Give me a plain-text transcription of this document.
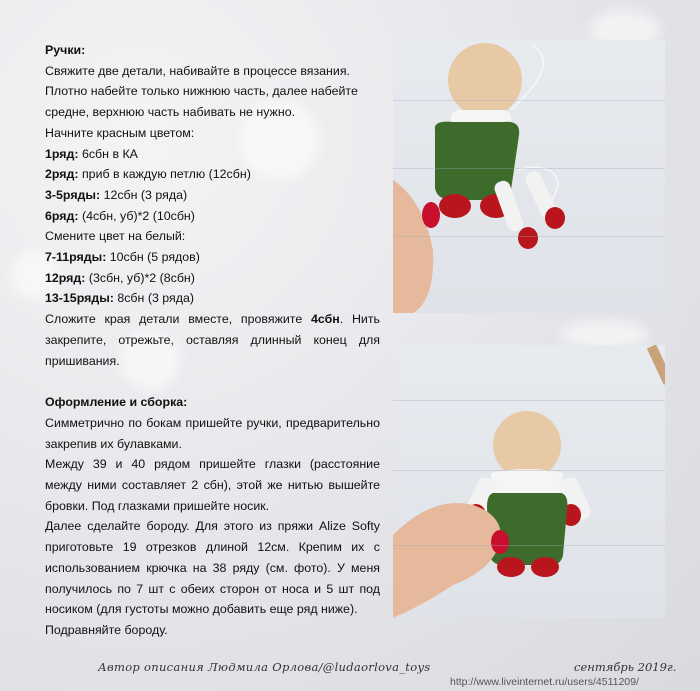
Ручки:

Свяжите две детали, набивайте в процессе вязания. Плотно набейте только нижнюю часть, далее набейте средне, верхнюю часть набивать не нужно.

Начните красным цветом:

1ряд: 6сбн в КА

2ряд: приб в каждую петлю (12сбн)

3-5ряды: 12сбн (3 ряда)

6ряд: (4сбн, уб)*2 (10сбн)

Смените цвет на белый:

7-11ряды: 10сбн (5 рядов)

12ряд: (3сбн, уб)*2 (8сбн)

13-15ряды: 8сбн (3 ряда)

Сложите края детали вместе, провяжите 4сбн. Нить закрепите, отрежьте, оставляя длинный конец для пришивания.

Оформление и сборка:

Симметрично по бокам пришейте ручки, предварительно закрепив их булавками.

Между 39 и 40 рядом пришейте глазки (расстояние между ними составляет 2 сбн), этой же нитью вышейте бровки. Под глазками пришейте носик.

Далее сделайте бороду. Для этого из пряжи Alize Softy приготовьте 19 отрезков длиной 12см. Крепим их с использованием крючка на 38 ряду (см. фото). У меня получилось по 7 шт с обеих сторон от носа и 5 шт под носиком (для густоты можно добавить еще ряд ниже).

Подравняйте бороду.

Автор описания Людмила Орлова/@ludaorlova_toys	сентябрь 2019г.
http://www.liveinternet.ru/users/4511209/
